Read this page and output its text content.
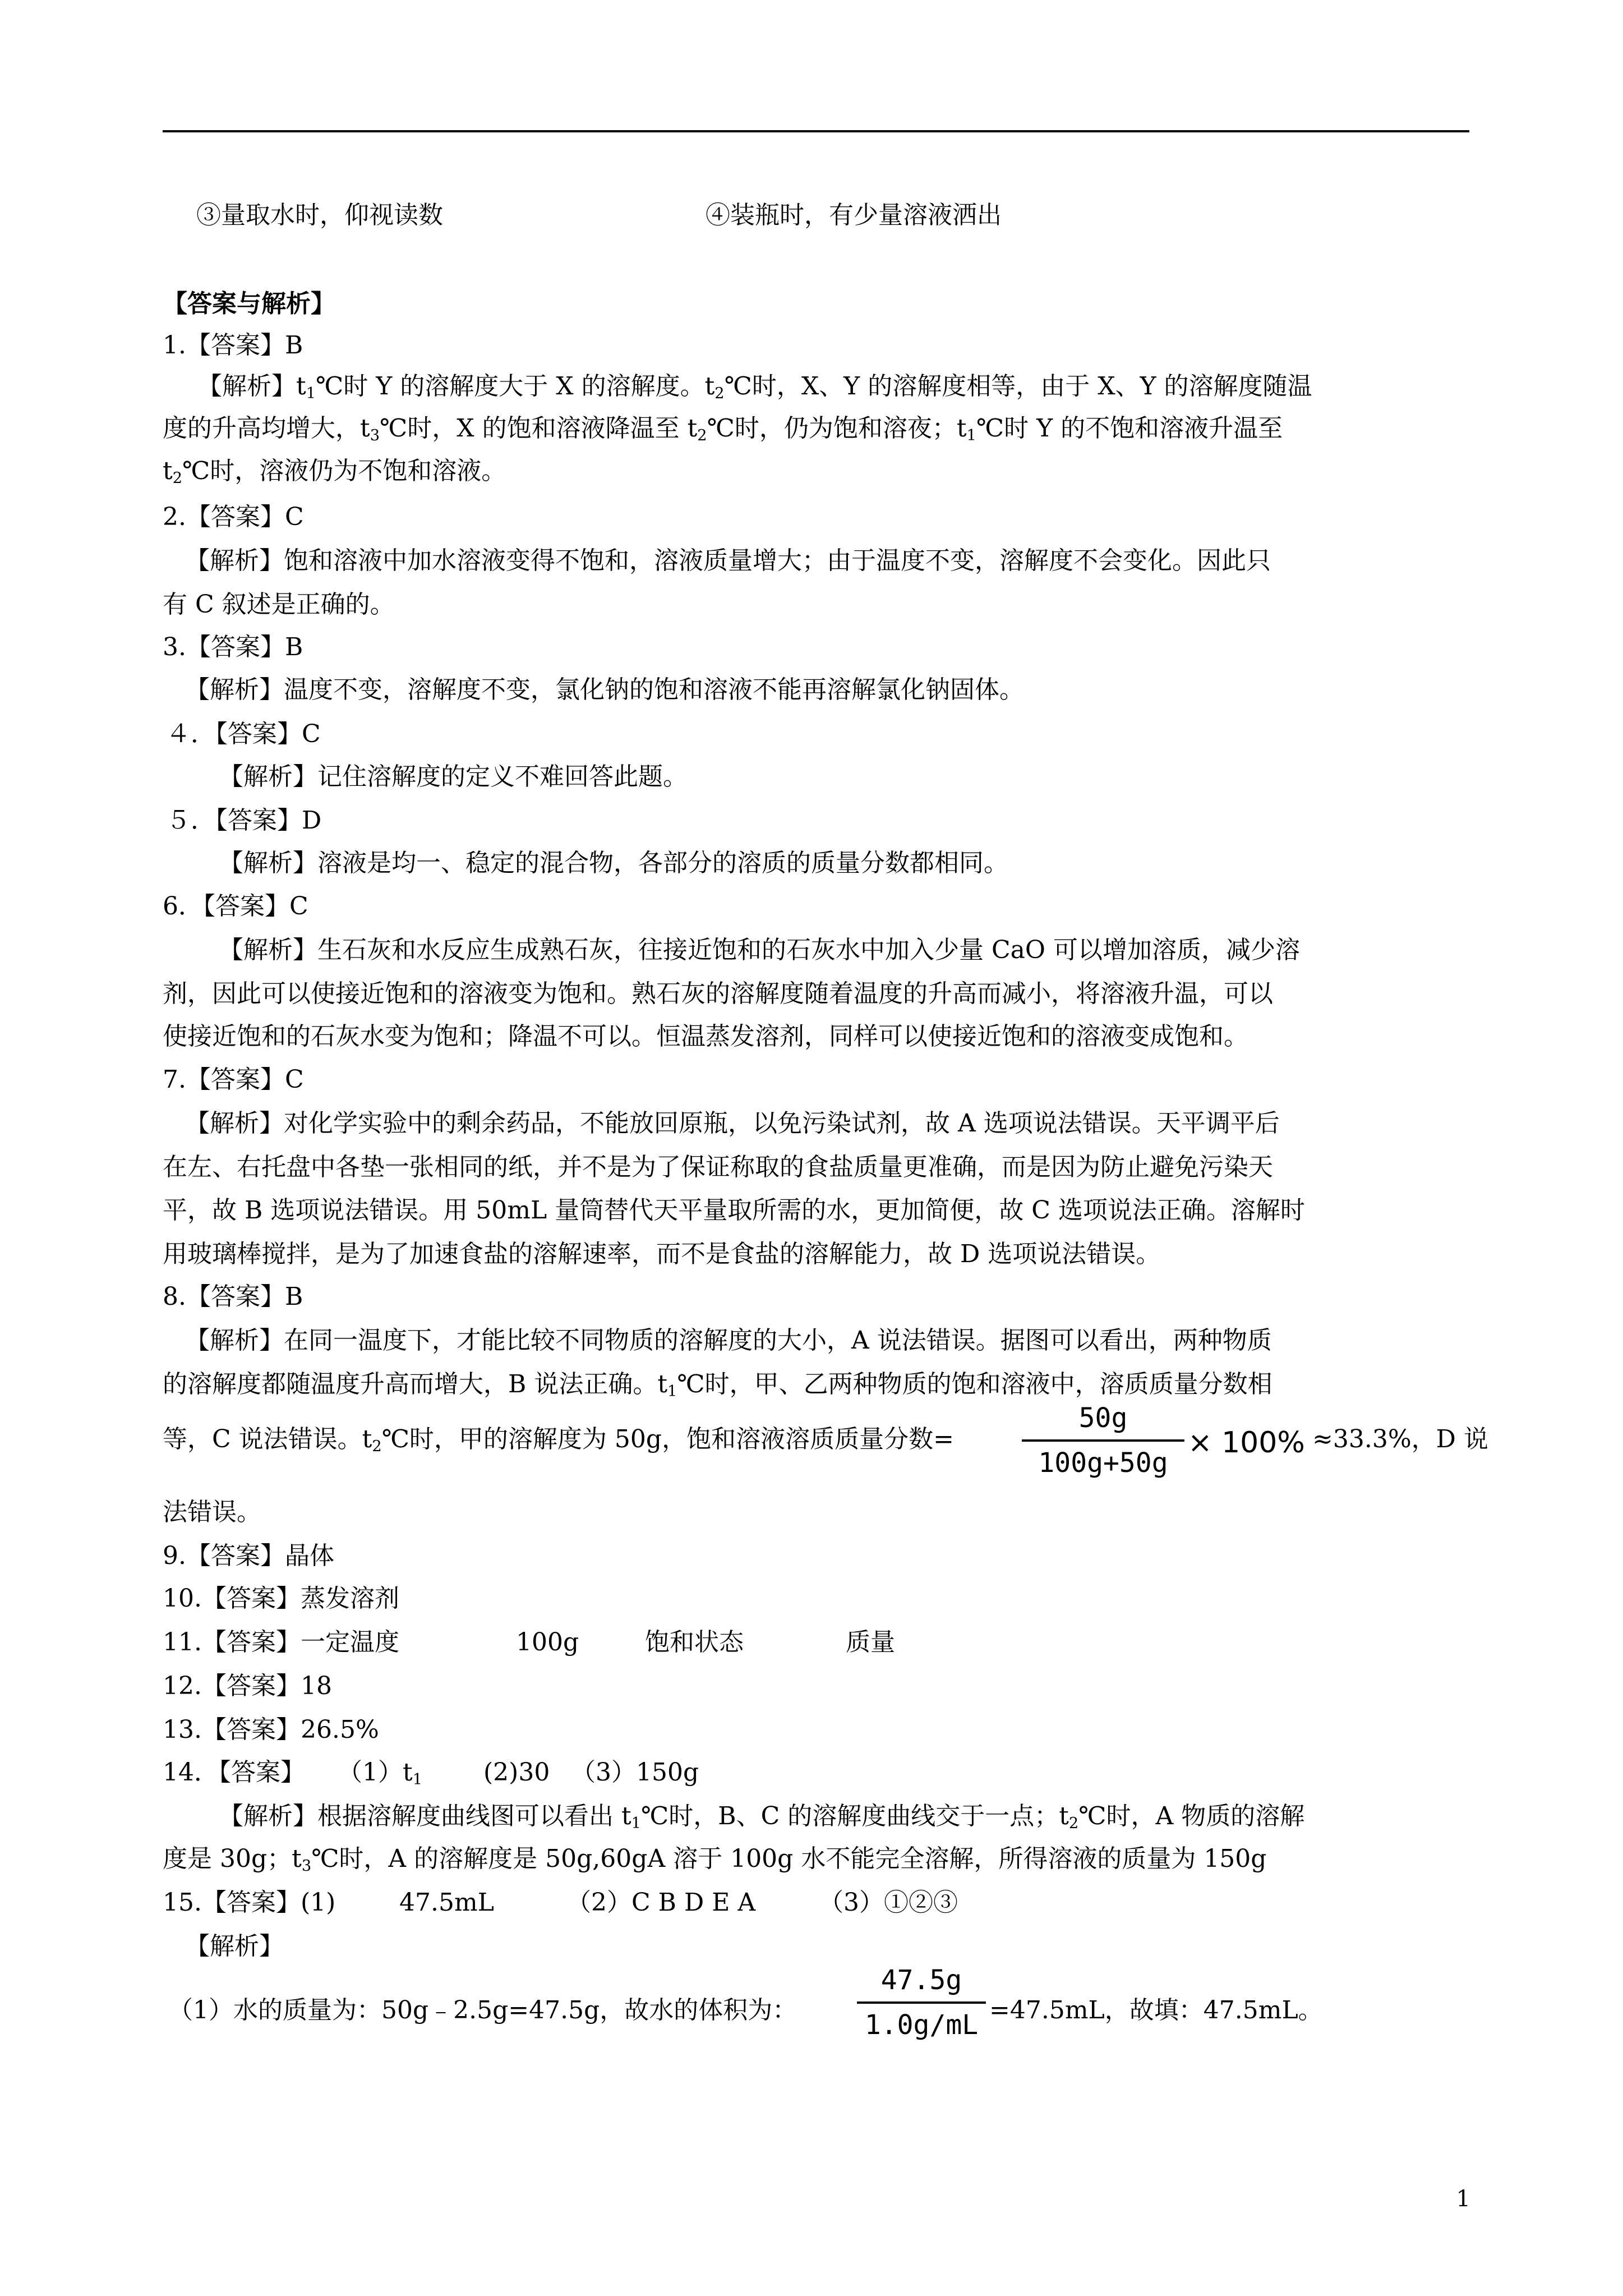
③量取水时，仰视读数	④装瓶时，有少量溶液洒出
【答案与解析】
1.【答案】B
【解析】$t_1℃$时 Y 的溶解度大于 X 的溶解度。$t_2℃$时，X、Y 的溶解度相等，由于 X、Y 的溶解度随温
度的升高均增大，$t_3℃$时，X 的饱和溶液降温至 $t_2℃$时，仍为饱和溶夜；$t_1℃$时 Y 的不饱和溶液升温至
$t_2℃$时，溶液仍为不饱和溶液。
2.【答案】C
【解析】饱和溶液中加水溶液变得不饱和，溶液质量增大；由于温度不变，溶解度不会变化。因此只
有 C 叙述是正确的。
3.【答案】B
【解析】温度不变，溶解度不变，氯化钠的饱和溶液不能再溶解氯化钠固体。
４．【答案】C
【解析】记住溶解度的定义不难回答此题。
５．【答案】D
【解析】溶液是均一、稳定的混合物，各部分的溶质的质量分数都相同。
6．【答案】C
【解析】生石灰和水反应生成熟石灰，往接近饱和的石灰水中加入少量 CaO 可以增加溶质，减少溶
剂，因此可以使接近饱和的溶液变为饱和。熟石灰的溶解度随着温度的升高而减小，将溶液升温，可以
使接近饱和的石灰水变为饱和；降温不可以。恒温蒸发溶剂，同样可以使接近饱和的溶液变成饱和。
7.【答案】C
【解析】对化学实验中的剩余药品，不能放回原瓶，以免污染试剂，故 A 选项说法错误。天平调平后
在左、右托盘中各垫一张相同的纸，并不是为了保证称取的食盐质量更准确，而是因为防止避免污染天
平，故 B 选项说法错误。用 50mL 量筒替代天平量取所需的水，更加简便，故 C 选项说法正确。溶解时
用玻璃棒搅拌，是为了加速食盐的溶解速率，而不是食盐的溶解能力，故 D 选项说法错误。
8.【答案】B
【解析】在同一温度下，才能比较不同物质的溶解度的大小，A 说法错误。据图可以看出，两种物质
的溶解度都随温度升高而增大，B 说法正确。$t_1℃$时，甲、乙两种物质的饱和溶液中，溶质质量分数相
等，C 说法错误。$t_2℃$时，甲的溶解度为 50g，饱和溶液溶质质量分数=
50g
100g+50g
× 100% ≈33.3%，D 说
法错误。
9.【答案】晶体
10.【答案】蒸发溶剂
11.【答案】一定温度	100g	饱和状态	质量
12.【答案】18
13.【答案】26.5%
14．【答案】 $(1)t_1$ (2)30 （3）150g
【解析】根据溶解度曲线图可以看出 $t_1℃$时，B、C 的溶解度曲线交于一点；$t_2℃$时，A 物质的溶解
度是 30g；$t_3℃$时，A 的溶解度是 50g,60gA 溶于 100g 水不能完全溶解，所得溶液的质量为 150g
15.【答案】(1)	47.5mL	（2）C B D E A	（3）①②③
【解析】
（1）水的质量为：50g﹣2.5g=47.5g，故水的体积为：
47.5g
1.0g/mL =47.5mL，故填：47.5mL。
1
